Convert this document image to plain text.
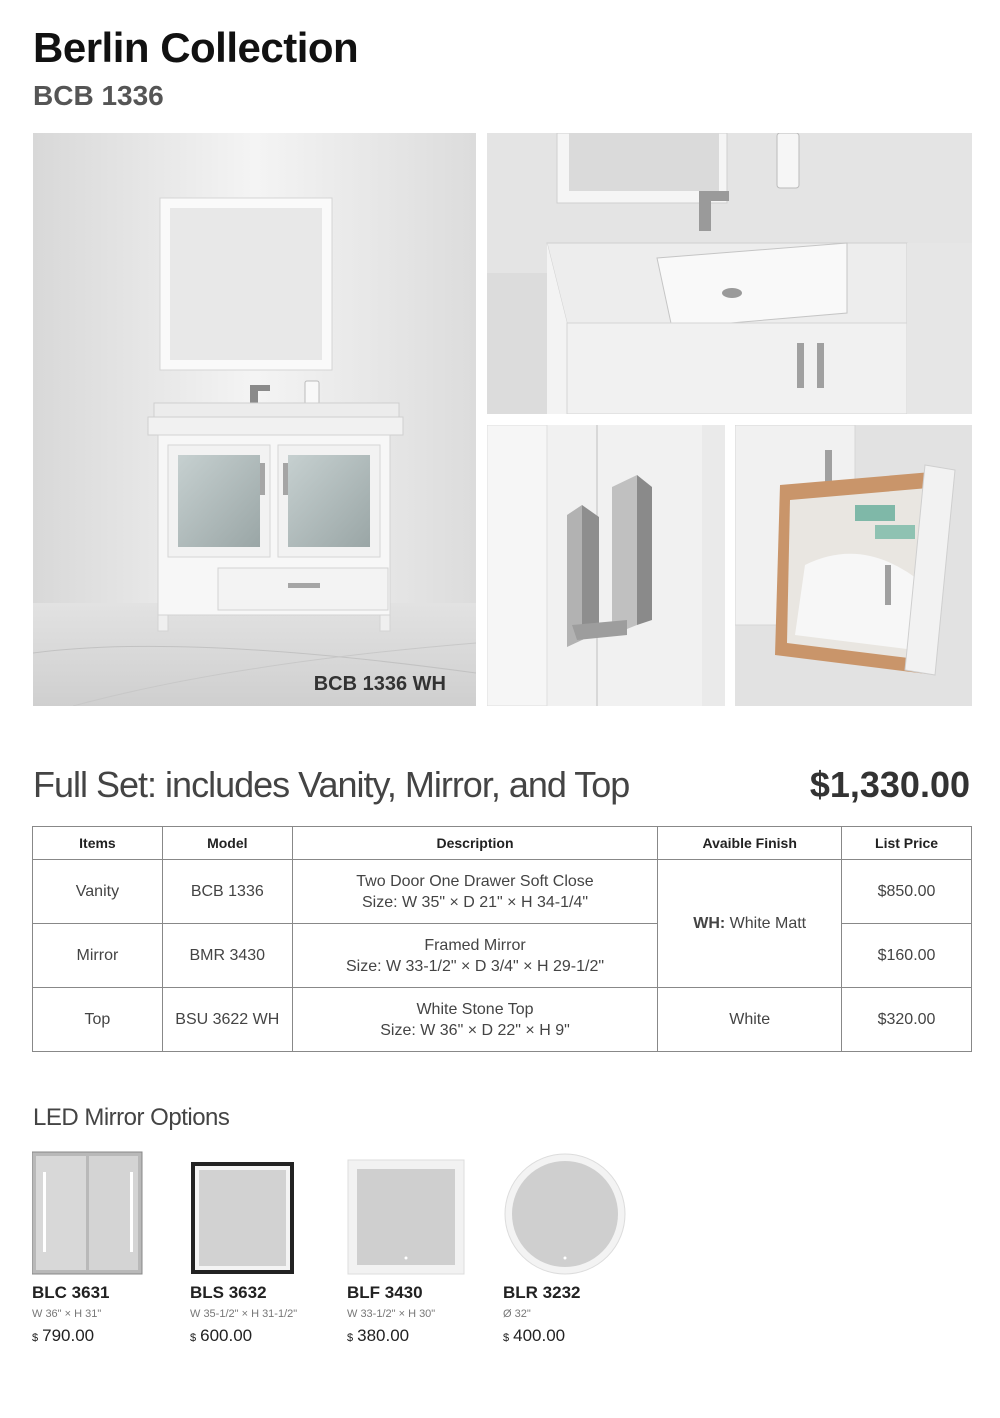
Berlin Collection
BCB 1336
BCB 1336 WH
Full Set: includes Vanity, Mirror, and Top	$1,330.00
Items	Model	Description	Avaible Finish	List Price
Vanity	BCB 1336	Two Door One Drawer Soft Close
Size: W 35" × D 21" × H 34-1/4"	WH: White Matt	$850.00
Mirror	BMR 3430	Framed Mirror
Size: W 33-1/2" × D 3/4" × H 29-1/2"		$160.00
Top	BSU 3622 WH	White Stone Top
Size: W 36" × D 22" × H 9"	White	$320.00
LED Mirror Options
BLC 3631
W 36" × H 31"
$ 790.00
BLS 3632
W 35-1/2" × H 31-1/2"
$ 600.00
BLF 3430
W 33-1/2" × H 30"
$ 380.00
BLR 3232
Ø 32"
$ 400.00
